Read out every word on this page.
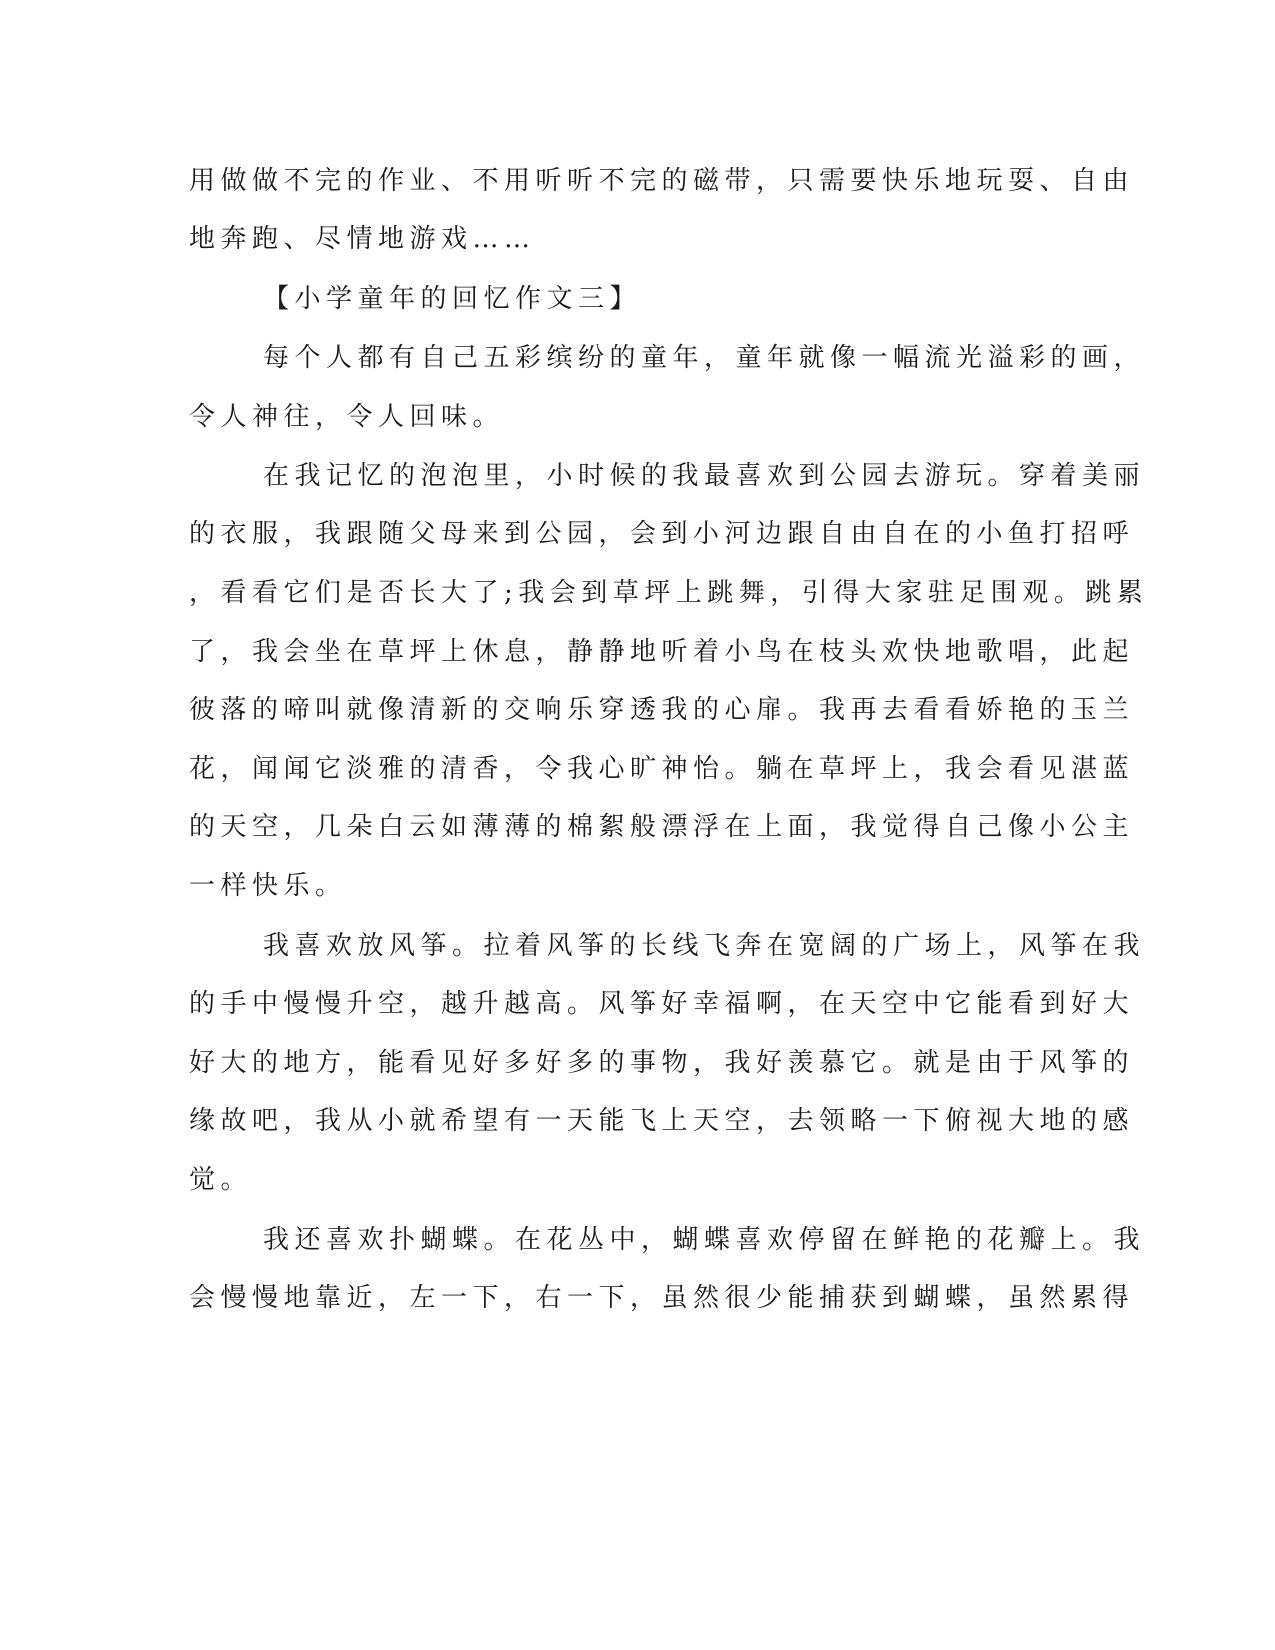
用做做不完的作业、不用听听不完的磁带，只需要快乐地玩耍、自由
地奔跑、尽情地游戏……
【小学童年的回忆作文三】
每个人都有自己五彩缤纷的童年，童年就像一幅流光溢彩的画，
令人神往，令人回味。
在我记忆的泡泡里，小时候的我最喜欢到公园去游玩。穿着美丽
的衣服，我跟随父母来到公园，会到小河边跟自由自在的小鱼打招呼
，看看它们是否长大了;我会到草坪上跳舞，引得大家驻足围观。跳累
了，我会坐在草坪上休息，静静地听着小鸟在枝头欢快地歌唱，此起
彼落的啼叫就像清新的交响乐穿透我的心扉。我再去看看娇艳的玉兰
花，闻闻它淡雅的清香，令我心旷神怡。躺在草坪上，我会看见湛蓝
的天空，几朵白云如薄薄的棉絮般漂浮在上面，我觉得自己像小公主
一样快乐。
我喜欢放风筝。拉着风筝的长线飞奔在宽阔的广场上，风筝在我
的手中慢慢升空，越升越高。风筝好幸福啊，在天空中它能看到好大
好大的地方，能看见好多好多的事物，我好羡慕它。就是由于风筝的
缘故吧，我从小就希望有一天能飞上天空，去领略一下俯视大地的感
觉。
我还喜欢扑蝴蝶。在花丛中，蝴蝶喜欢停留在鲜艳的花瓣上。我
会慢慢地靠近，左一下，右一下，虽然很少能捕获到蝴蝶，虽然累得
